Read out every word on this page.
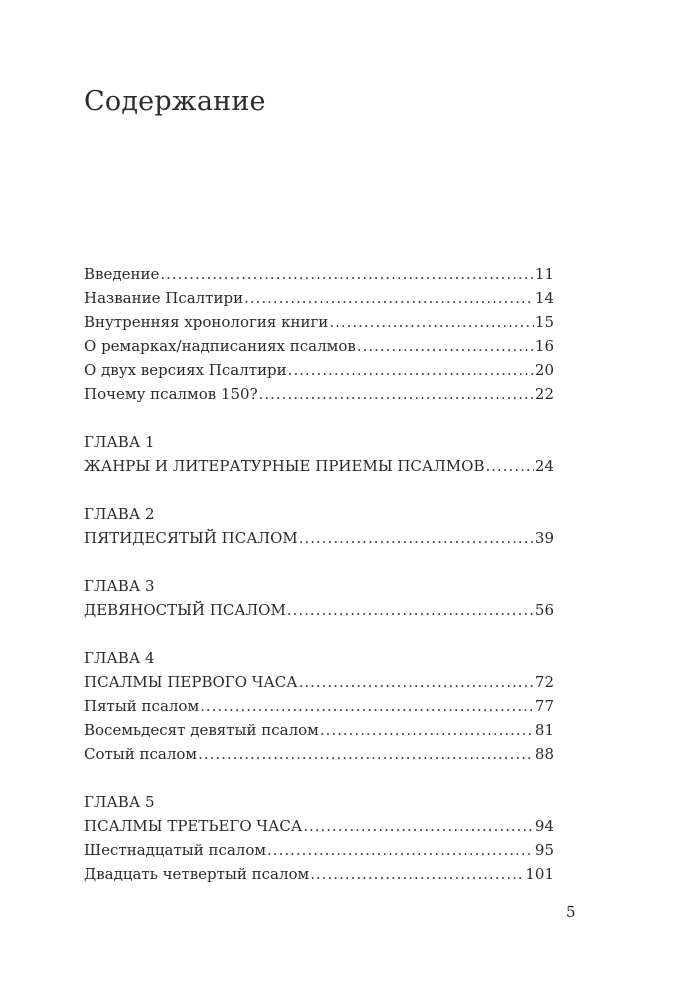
Содержание
Введение .....	11
Название Псалтири .....	14
Внутренняя хронология книги .....	15
О ремарках/надписаниях псалмов .....	16
О двух версиях Псалтири .....	20
Почему псалмов 150? .....	22
ГЛАВА 1
ЖАНРЫ И ЛИТЕРАТУРНЫЕ ПРИЕМЫ ПСАЛМОВ .....	24
ГЛАВА 2
ПЯТИДЕСЯТЫЙ ПСАЛОМ .....	39
ГЛАВА 3
ДЕВЯНОСТЫЙ ПСАЛОМ .....	56
ГЛАВА 4
ПСАЛМЫ ПЕРВОГО ЧАСА .....	72
Пятый псалом .....	77
Восемьдесят девятый псалом .....	81
Сотый псалом .....	88
ГЛАВА 5
ПСАЛМЫ ТРЕТЬЕГО ЧАСА .....	94
Шестнадцатый псалом .....	95
Двадцать четвертый псалом .....	101
5
